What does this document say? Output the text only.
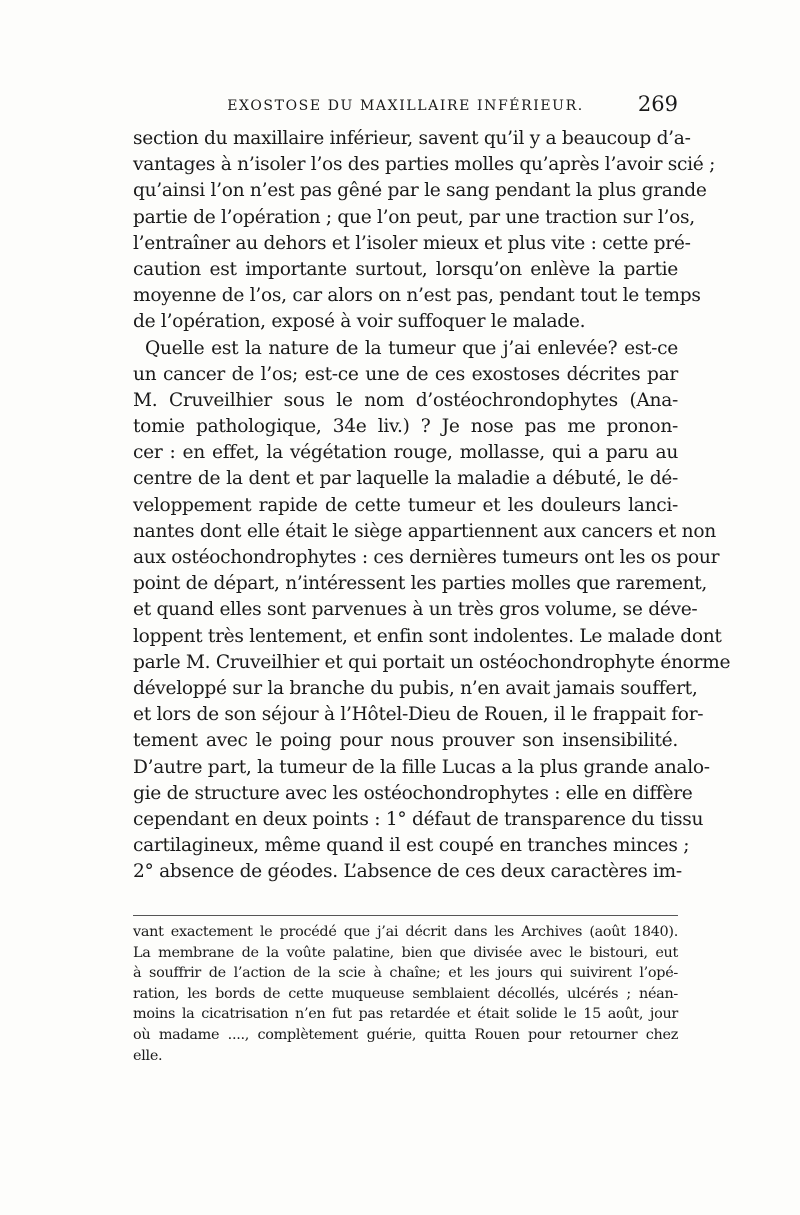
EXOSTOSE DU MAXILLAIRE INFÉRIEUR.	269
section du maxillaire inférieur, savent qu’il y a beaucoup d’a-
vantages à n’isoler l’os des parties molles qu’après l’avoir scié ;
qu’ainsi l’on n’est pas gêné par le sang pendant la plus grande
partie de l’opération ; que l’on peut, par une traction sur l’os,
l’entraîner au dehors et l’isoler mieux et plus vite : cette pré-
caution est importante surtout, lorsqu’on enlève la partie
moyenne de l’os, car alors on n’est pas, pendant tout le temps
de l’opération, exposé à voir suffoquer le malade.
Quelle est la nature de la tumeur que j’ai enlevée? est-ce
un cancer de l’os; est-ce une de ces exostoses décrites par
M. Cruveilhier sous le nom d’ostéochrondophytes (Ana-
tomie pathologique, 34e liv.) ? Je nose pas me pronon-
cer : en effet, la végétation rouge, mollasse, qui a paru au
centre de la dent et par laquelle la maladie a débuté, le dé-
veloppement rapide de cette tumeur et les douleurs lanci-
nantes dont elle était le siège appartiennent aux cancers et non
aux ostéochondrophytes : ces dernières tumeurs ont les os pour
point de départ, n’intéressent les parties molles que rarement,
et quand elles sont parvenues à un très gros volume, se déve-
loppent très lentement, et enfin sont indolentes. Le malade dont
parle M. Cruveilhier et qui portait un ostéochondrophyte énorme
développé sur la branche du pubis, n’en avait jamais souffert,
et lors de son séjour à l’Hôtel-Dieu de Rouen, il le frappait for-
tement avec le poing pour nous prouver son insensibilité.
D’autre part, la tumeur de la fille Lucas a la plus grande analo-
gie de structure avec les ostéochondrophytes : elle en diffère
cependant en deux points : 1° défaut de transparence du tissu
cartilagineux, même quand il est coupé en tranches minces ;
2° absence de géodes. L’absence de ces deux caractères im-
vant exactement le procédé que j’ai décrit dans les Archives (août 1840).
La membrane de la voûte palatine, bien que divisée avec le bistouri, eut
à souffrir de l’action de la scie à chaîne; et les jours qui suivirent l’opé-
ration, les bords de cette muqueuse semblaient décollés, ulcérés ; néan-
moins la cicatrisation n’en fut pas retardée et était solide le 15 août, jour
où madame ...., complètement guérie, quitta Rouen pour retourner chez
elle.
